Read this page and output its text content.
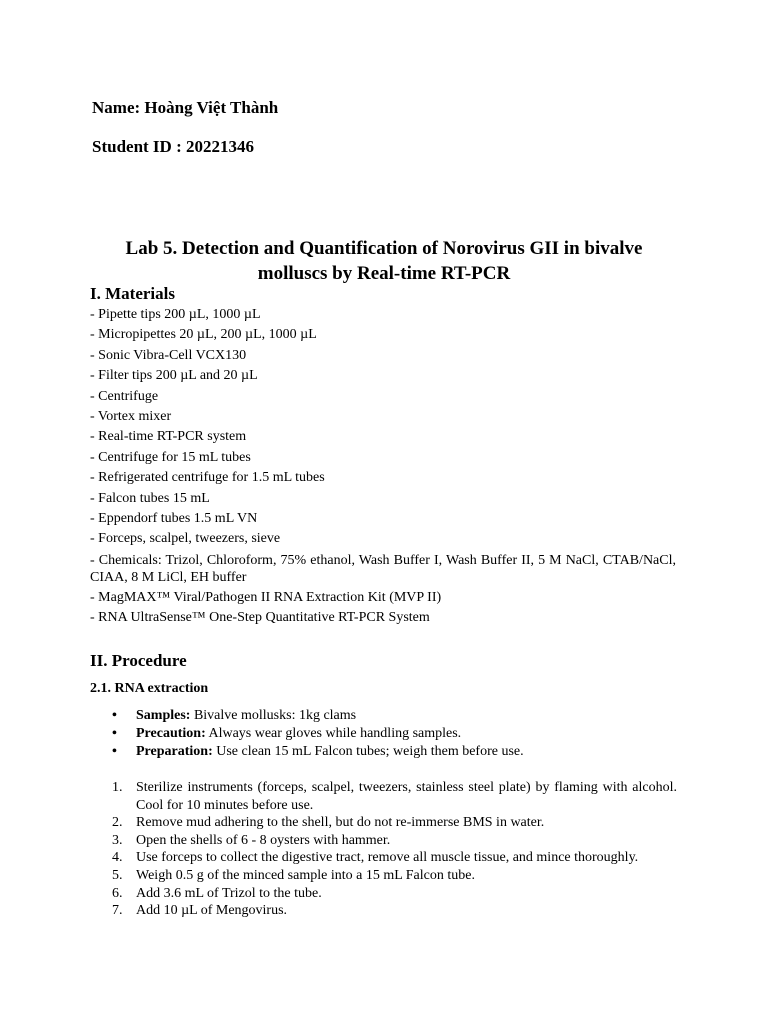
Name: Hoàng Việt Thành
Student ID : 20221346
Lab 5. Detection and Quantification of Norovirus GII in bivalve
molluscs by Real-time RT-PCR
I. Materials
- Pipette tips 200 µL, 1000 µL
- Micropipettes 20 µL, 200 µL, 1000 µL
- Sonic Vibra-Cell VCX130
- Filter tips 200 µL and 20 µL
- Centrifuge
- Vortex mixer
- Real-time RT-PCR system
- Centrifuge for 15 mL tubes
- Refrigerated centrifuge for 1.5 mL tubes
- Falcon tubes 15 mL
- Eppendorf tubes 1.5 mL VN
- Forceps, scalpel, tweezers, sieve
- Chemicals: Trizol, Chloroform, 75% ethanol, Wash Buffer I, Wash Buffer II, 5 M NaCl, CTAB/NaCl, CIAA, 8 M LiCl, EH buffer
- MagMAX™ Viral/Pathogen II RNA Extraction Kit (MVP II)
- RNA UltraSense™ One-Step Quantitative RT-PCR System
II. Procedure
2.1. RNA extraction
• Samples: Bivalve mollusks: 1kg clams
• Precaution: Always wear gloves while handling samples.
• Preparation: Use clean 15 mL Falcon tubes; weigh them before use.
1. Sterilize instruments (forceps, scalpel, tweezers, stainless steel plate) by flaming with alcohol. Cool for 10 minutes before use.
2. Remove mud adhering to the shell, but do not re-immerse BMS in water.
3. Open the shells of 6 - 8 oysters with hammer.
4. Use forceps to collect the digestive tract, remove all muscle tissue, and mince thoroughly.
5. Weigh 0.5 g of the minced sample into a 15 mL Falcon tube.
6. Add 3.6 mL of Trizol to the tube.
7. Add 10 µL of Mengovirus.
